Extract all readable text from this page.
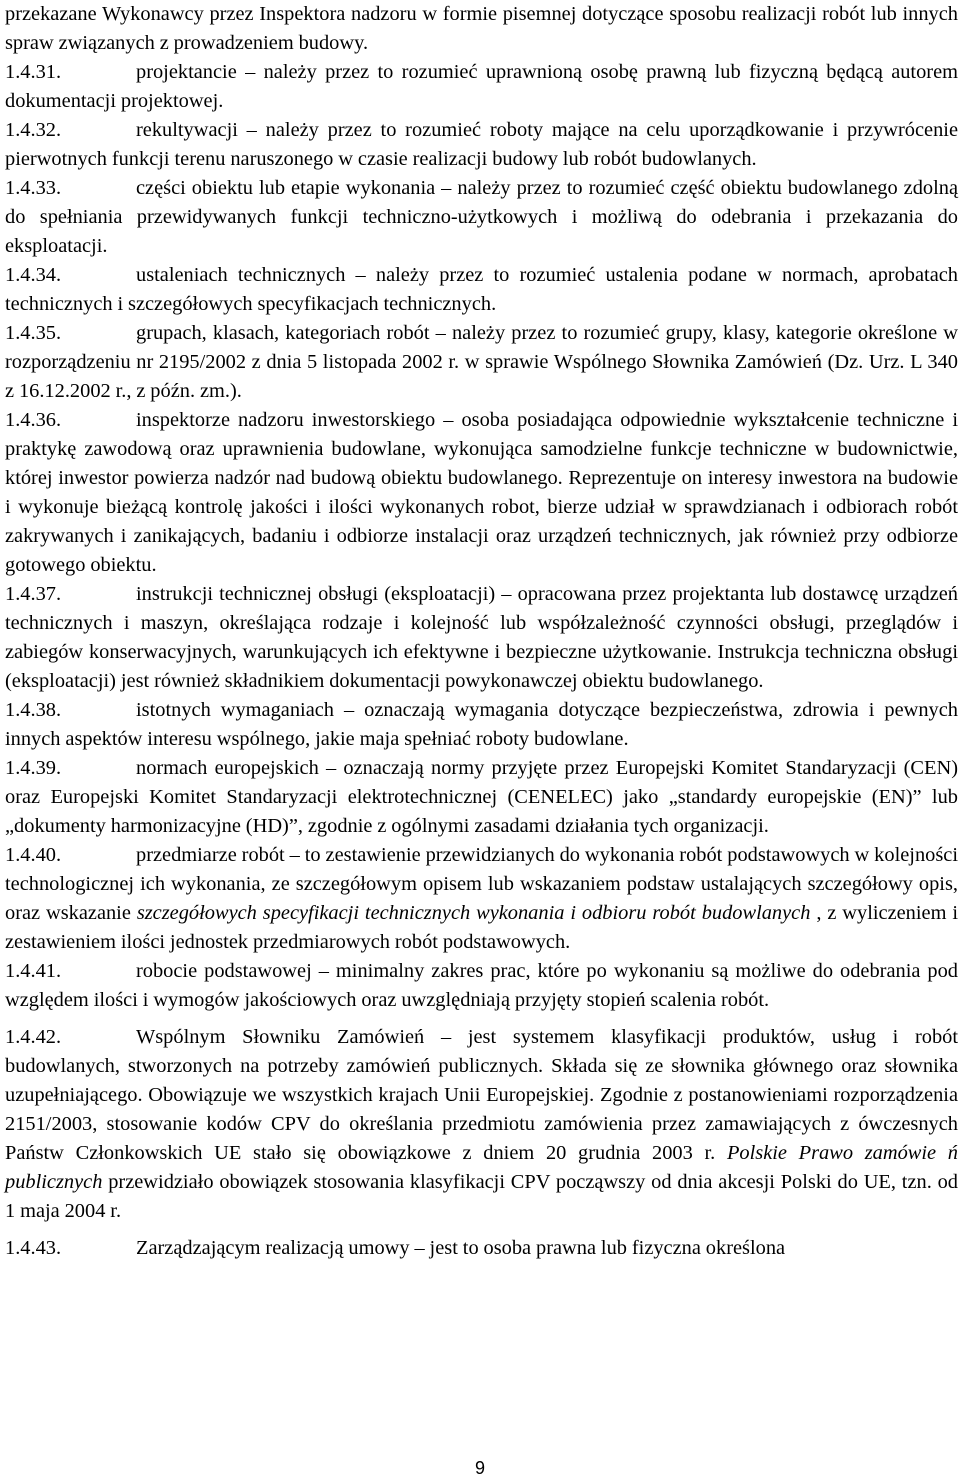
przekazane Wykonawcy przez Inspektora nadzoru w formie pisemnej dotyczące sposobu realizacji robót lub innych spraw związanych z prowadzeniem budowy.

1.4.31.	projektancie – należy przez to rozumieć uprawnioną osobę prawną lub fizyczną będącą autorem dokumentacji projektowej.

1.4.32.	rekultywacji – należy przez to rozumieć roboty mające na celu uporządkowanie i przywrócenie pierwotnych funkcji terenu naruszonego w czasie realizacji budowy lub robót budowlanych.

1.4.33.	części obiektu lub etapie wykonania – należy przez to rozumieć część obiektu budowlanego zdolną do spełniania przewidywanych funkcji techniczno-użytkowych i możliwą do odebrania i przekazania do eksploatacji.

1.4.34.	ustaleniach technicznych – należy przez to rozumieć ustalenia podane w normach, aprobatach technicznych i szczegółowych specyfikacjach technicznych.

1.4.35.	grupach, klasach, kategoriach robót – należy przez to rozumieć grupy, klasy, kategorie określone w rozporządzeniu nr 2195/2002 z dnia 5 listopada 2002 r. w sprawie Wspólnego Słownika Zamówień (Dz. Urz. L 340 z 16.12.2002 r., z późn. zm.).

1.4.36.	inspektorze nadzoru inwestorskiego – osoba posiadająca odpowiednie wykształcenie techniczne i praktykę zawodową oraz uprawnienia budowlane, wykonująca samodzielne funkcje techniczne w budownictwie, której inwestor powierza nadzór nad budową obiektu budowlanego. Reprezentuje on interesy inwestora na budowie i wykonuje bieżącą kontrolę jakości i ilości wykonanych robot, bierze udział w sprawdzianach i odbiorach robót zakrywanych i zanikających, badaniu i odbiorze instalacji oraz urządzeń technicznych, jak również przy odbiorze gotowego obiektu.

1.4.37.	instrukcji technicznej obsługi (eksploatacji) – opracowana przez projektanta lub dostawcę urządzeń technicznych i maszyn, określająca rodzaje i kolejność lub współzależność czynności obsługi, przeglądów i zabiegów konserwacyjnych, warunkujących ich efektywne i bezpieczne użytkowanie. Instrukcja techniczna obsługi (eksploatacji) jest również składnikiem dokumentacji powykonawczej obiektu budowlanego.

1.4.38.	istotnych wymaganiach – oznaczają wymagania dotyczące bezpieczeństwa, zdrowia i pewnych innych aspektów interesu wspólnego, jakie maja spełniać roboty budowlane.

1.4.39.	normach europejskich – oznaczają normy przyjęte przez Europejski Komitet Standaryzacji (CEN) oraz Europejski Komitet Standaryzacji elektrotechnicznej (CENELEC) jako „standardy europejskie (EN)” lub „dokumenty harmonizacyjne (HD)”, zgodnie z ogólnymi zasadami działania tych organizacji.

1.4.40.	przedmiarze robót – to zestawienie przewidzianych do wykonania robót podstawowych w kolejności technologicznej ich wykonania, ze szczegółowym opisem lub wskazaniem podstaw ustalających szczegółowy opis, oraz wskazanie szczegółowych specyfikacji technicznych wykonania i odbioru robót budowlanych , z wyliczeniem i zestawieniem ilości jednostek przedmiarowych robót podstawowych.

1.4.41.	robocie podstawowej – minimalny zakres prac, które po wykonaniu są możliwe do odebrania pod względem ilości i wymogów jakościowych oraz uwzględniają przyjęty stopień scalenia robót.

1.4.42.	Wspólnym Słowniku Zamówień – jest systemem klasyfikacji produktów, usług i robót budowlanych, stworzonych na potrzeby zamówień publicznych. Składa się ze słownika głównego oraz słownika uzupełniającego. Obowiązuje we wszystkich krajach Unii Europejskiej. Zgodnie z postanowieniami rozporządzenia 2151/2003, stosowanie kodów CPV do określania przedmiotu zamówienia przez zamawiających z ówczesnych Państw Członkowskich UE stało się obowiązkowe z dniem 20 grudnia 2003 r. Polskie Prawo zamówie ń publicznych przewidziało obowiązek stosowania klasyfikacji CPV począwszy od dnia akcesji Polski do UE, tzn. od 1 maja 2004 r.

1.4.43.	Zarządzającym realizacją umowy – jest to osoba prawna lub fizyczna określona

9
